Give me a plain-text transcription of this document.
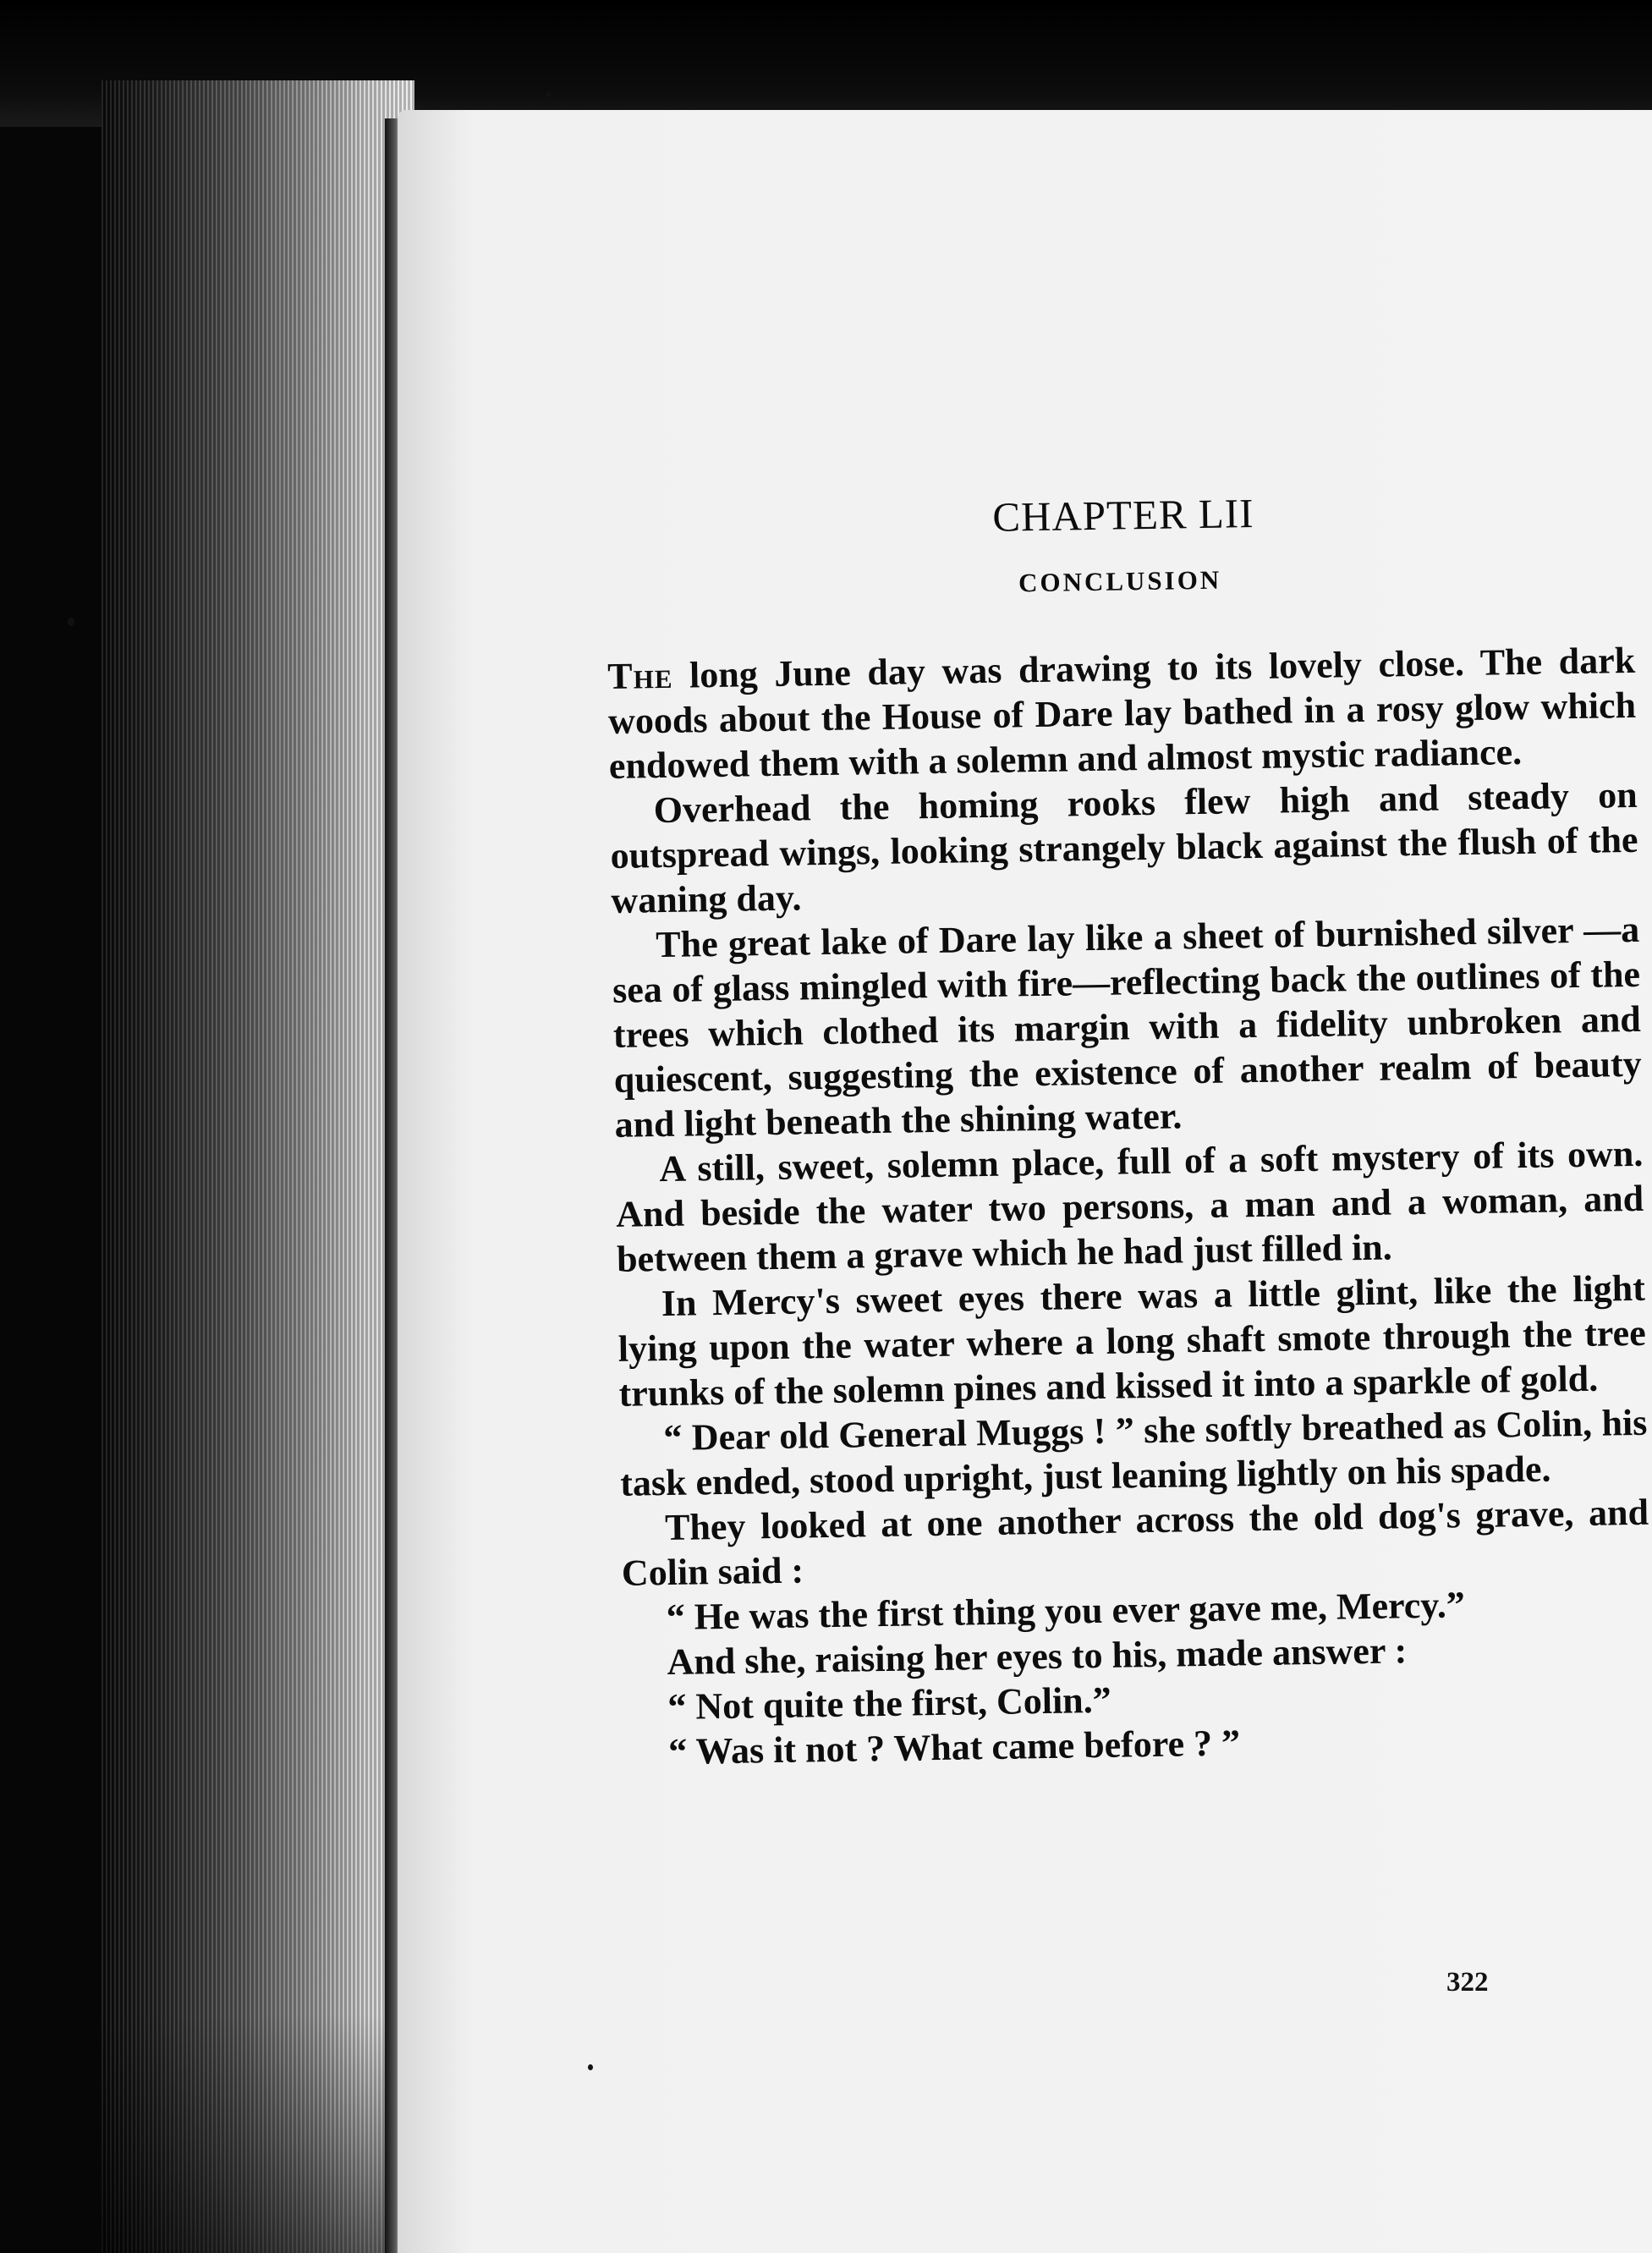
CHAPTER LII
CONCLUSION

The long June day was drawing to its lovely close. The dark woods about the House of Dare lay bathed in a rosy glow which endowed them with a solemn and almost mystic radiance.

Overhead the homing rooks flew high and steady on outspread wings, looking strangely black against the flush of the waning day.

The great lake of Dare lay like a sheet of burnished silver —a sea of glass mingled with fire—reflecting back the outlines of the trees which clothed its margin with a fidelity unbroken and quiescent, suggesting the existence of another realm of beauty and light beneath the shining water.

A still, sweet, solemn place, full of a soft mystery of its own. And beside the water two persons, a man and a woman, and between them a grave which he had just filled in.

In Mercy's sweet eyes there was a little glint, like the light lying upon the water where a long shaft smote through the tree trunks of the solemn pines and kissed it into a sparkle of gold.

“ Dear old General Muggs ! ” she softly breathed as Colin, his task ended, stood upright, just leaning lightly on his spade.

They looked at one another across the old dog's grave, and Colin said :

“ He was the first thing you ever gave me, Mercy.”

And she, raising her eyes to his, made answer :

“ Not quite the first, Colin.”

“ Was it not ? What came before ? ”

322
